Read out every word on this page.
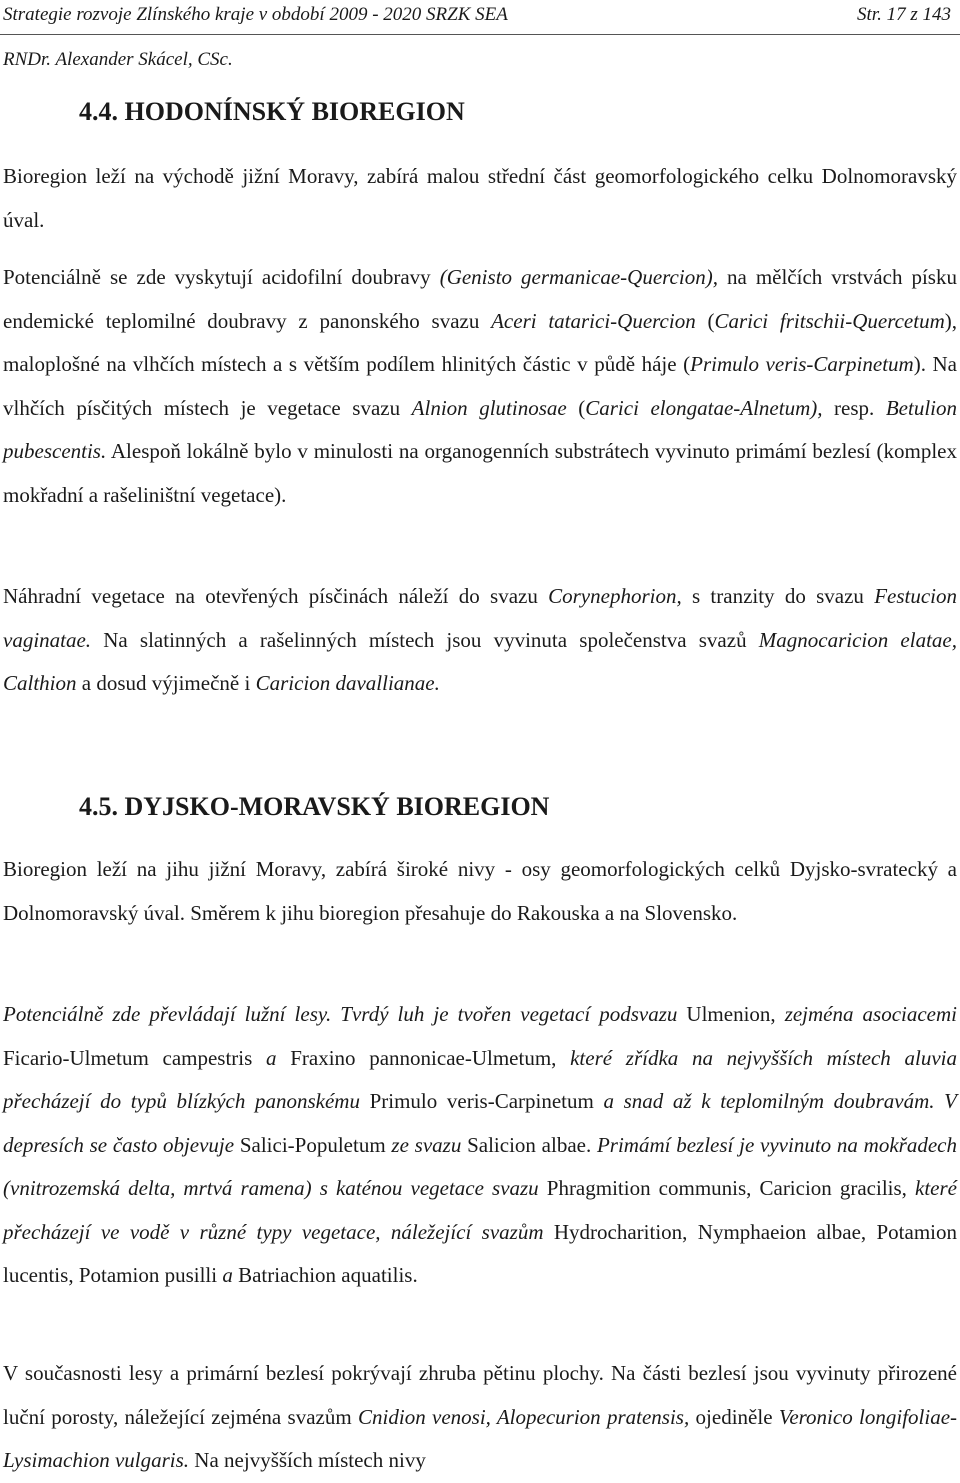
Strategie rozvoje Zlínského kraje v období 2009 - 2020 SRZK SEA	Str. 17 z 143
RNDr. Alexander Skácel, CSc.
4.4. HODONÍNSKÝ BIOREGION

Bioregion leží na východě jižní Moravy, zabírá malou střední část geomorfologického celku Dolnomoravský úval.

Potenciálně se zde vyskytují acidofilní doubravy (Genisto germanicae-Quercion), na mělčích vrstvách písku endemické teplomilné doubravy z panonského svazu Aceri tatarici-Quercion (Carici fritschii-Quercetum), maloplošné na vlhčích místech a s větším podílem hlinitých částic v půdě háje (Primulo veris-Carpinetum). Na vlhčích písčitých místech je vegetace svazu Alnion glutinosae (Carici elongatae-Alnetum), resp. Betulion pubescentis. Alespoň lokálně bylo v minulosti na organogenních substrátech vyvinuto primámí bezlesí (komplex mokřadní a rašeliništní vegetace).

Náhradní vegetace na otevřených písčinách náleží do svazu Corynephorion, s tranzity do svazu Festucion vaginatae. Na slatinných a rašelinných místech jsou vyvinuta společenstva svazů Magnocaricion elatae, Calthion a dosud výjimečně i Caricion davallianae.

4.5. DYJSKO-MORAVSKÝ BIOREGION

Bioregion leží na jihu jižní Moravy, zabírá široké nivy - osy geomorfologických celků Dyjsko-svratecký a Dolnomoravský úval. Směrem k jihu bioregion přesahuje do Rakouska a na Slovensko.

Potenciálně zde převládají lužní lesy. Tvrdý luh je tvořen vegetací podsvazu Ulmenion, zejména asociacemi Ficario-Ulmetum campestris a Fraxino pannonicae-Ulmetum, které zřídka na nejvyšších místech aluvia přecházejí do typů blízkých panonskému Primulo veris-Carpinetum a snad až k teplomilným doubravám. V depresích se často objevuje Salici-Populetum ze svazu Salicion albae. Primámí bezlesí je vyvinuto na mokřadech (vnitrozemská delta, mrtvá ramena) s katénou vegetace svazu Phragmition communis, Caricion gracilis, které přecházejí ve vodě v různé typy vegetace, náležející svazům Hydrocharition, Nymphaeion albae, Potamion lucentis, Potamion pusilli a Batriachion aquatilis.

V současnosti lesy a primární bezlesí pokrývají zhruba pětinu plochy. Na části bezlesí jsou vyvinuty přirozené luční porosty, náležející zejména svazům Cnidion venosi, Alopecurion pratensis, ojediněle Veronico longifoliae-Lysimachion vulgaris. Na nejvyšších místech nivy
